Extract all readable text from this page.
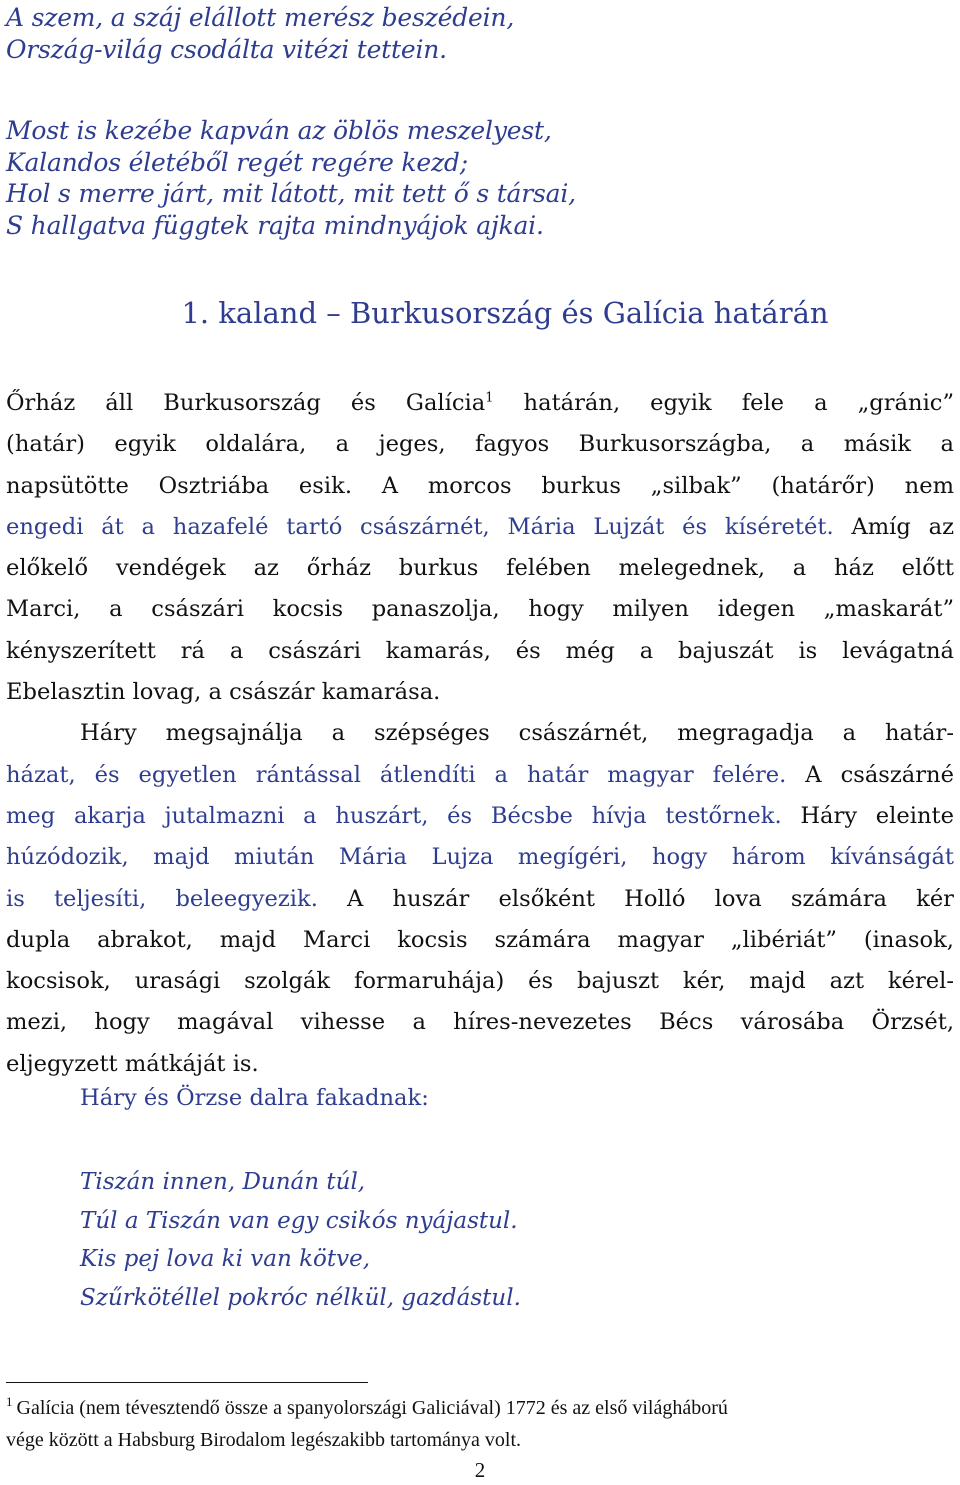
A szem, a száj elállott merész beszédein,
Ország-világ csodálta vitézi tettein.
Most is kezébe kapván az öblös meszelyest,
Kalandos életéből regét regére kezd;
Hol s merre járt, mit látott, mit tett ő s társai,
S hallgatva függtek rajta mindnyájok ajkai.
1. kaland – Burkusország és Galícia határán
Őrház áll Burkusország és Galícia$^1$ határán, egyik fele a „gránic”
(határ) egyik oldalára, a jeges, fagyos Burkusországba, a másik a
napsütötte Osztriába esik. A morcos burkus „silbak” (határőr) nem
engedi át a hazafelé tartó császárnét, Mária Lujzát és kíséretét. Amíg az
előkelő vendégek az őrház burkus felében melegednek, a ház előtt
Marci, a császári kocsis panaszolja, hogy milyen idegen „maskarát”
kényszerített rá a császári kamarás, és még a bajuszát is levágatná
Ebelasztin lovag, a császár kamarása.
Háry megsajnálja a szépséges császárnét, megragadja a határ-
házat, és egyetlen rántással átlendíti a határ magyar felére. A császárné
meg akarja jutalmazni a huszárt, és Bécsbe hívja testőrnek. Háry eleinte
húzódozik, majd miután Mária Lujza megígéri, hogy három kívánságát
is teljesíti, beleegyezik. A huszár elsőként Holló lova számára kér
dupla abrakot, majd Marci kocsis számára magyar „libériát” (inasok,
kocsisok, urasági szolgák formaruhája) és bajuszt kér, majd azt kérel-
mezi, hogy magával vihesse a híres-nevezetes Bécs városába Örzsét,
eljegyzett mátkáját is.

Háry és Örzse dalra fakadnak:

Tiszán innen, Dunán túl,
Túl a Tiszán van egy csikós nyájastul.
Kis pej lova ki van kötve,
Szűrkötéllel pokróc nélkül, gazdástul.
$^1$ Galícia (nem tévesztendő össze a spanyolországi Galiciával) 1772 és az első világháború
vége között a Habsburg Birodalom legészakibb tartománya volt.

2
